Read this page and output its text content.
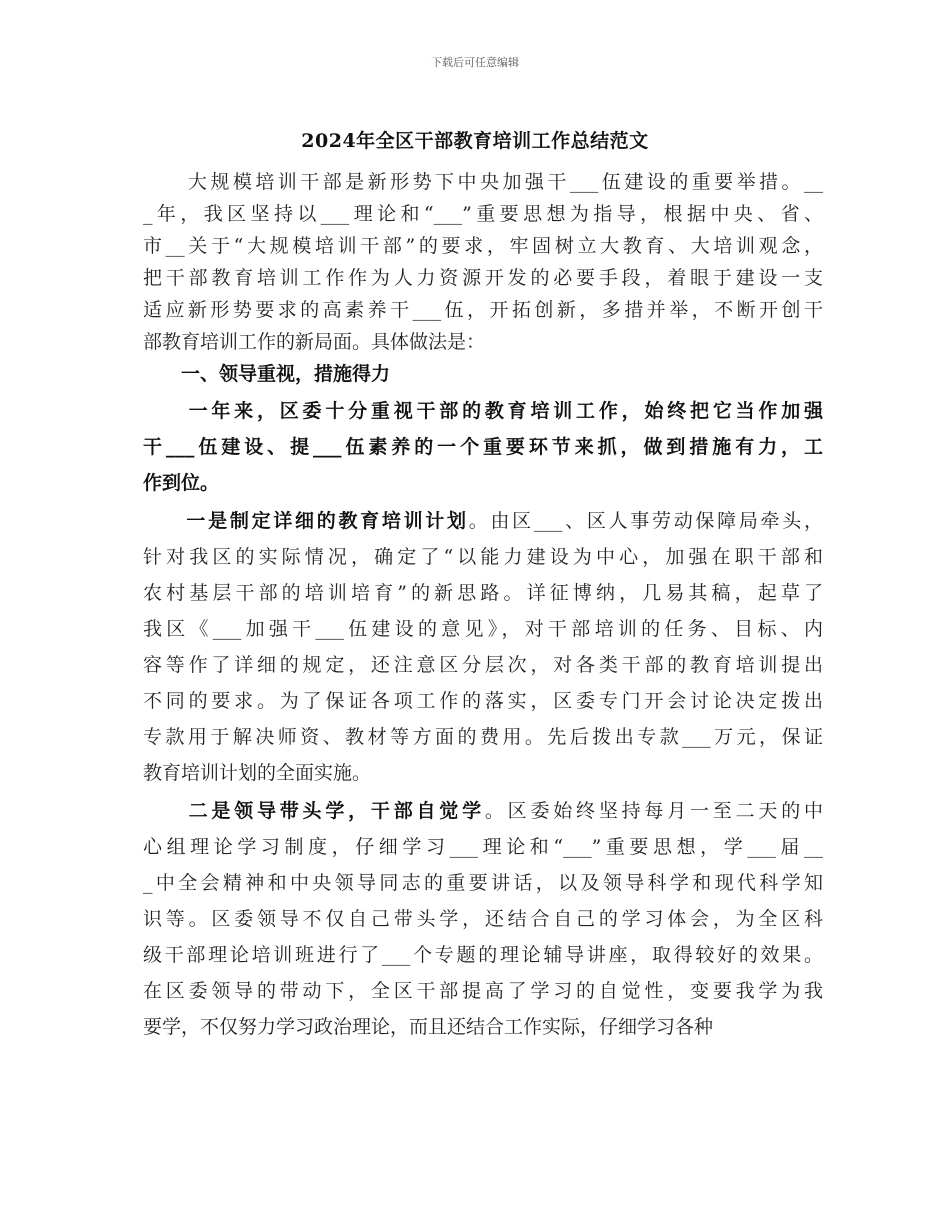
下载后可任意编辑
2024年全区干部教育培训工作总结范文
　　大规模培训干部是新形势下中央加强干___伍建设的重要举措。__
_年，我区坚持以___理论和“___”重要思想为指导，根据中央、省、
市__关于“大规模培训干部”的要求，牢固树立大教育、大培训观念，
把干部教育培训工作作为人力资源开发的必要手段，着眼于建设一支
适应新形势要求的高素养干___伍，开拓创新，多措并举，不断开创干
部教育培训工作的新局面。具体做法是：
　　一、领导重视，措施得力
　　一年来，区委十分重视干部的教育培训工作，始终把它当作加强
干___伍建设、提___伍素养的一个重要环节来抓，做到措施有力，工
作到位。
　　一是制定详细的教育培训计划。由区___、区人事劳动保障局牵头，
针对我区的实际情况，确定了“以能力建设为中心，加强在职干部和
农村基层干部的培训培育”的新思路。详征博纳，几易其稿，起草了
我区《___加强干___伍建设的意见》，对干部培训的任务、目标、内
容等作了详细的规定，还注意区分层次，对各类干部的教育培训提出
不同的要求。为了保证各项工作的落实，区委专门开会讨论决定拨出
专款用于解决师资、教材等方面的费用。先后拨出专款___万元，保证
教育培训计划的全面实施。
　　二是领导带头学，干部自觉学。区委始终坚持每月一至二天的中
心组理论学习制度，仔细学习___理论和“___”重要思想，学___届__
_中全会精神和中央领导同志的重要讲话，以及领导科学和现代科学知
识等。区委领导不仅自己带头学，还结合自己的学习体会，为全区科
级干部理论培训班进行了___个专题的理论辅导讲座，取得较好的效果。
在区委领导的带动下，全区干部提高了学习的自觉性，变要我学为我
要学，不仅努力学习政治理论，而且还结合工作实际，仔细学习各种
